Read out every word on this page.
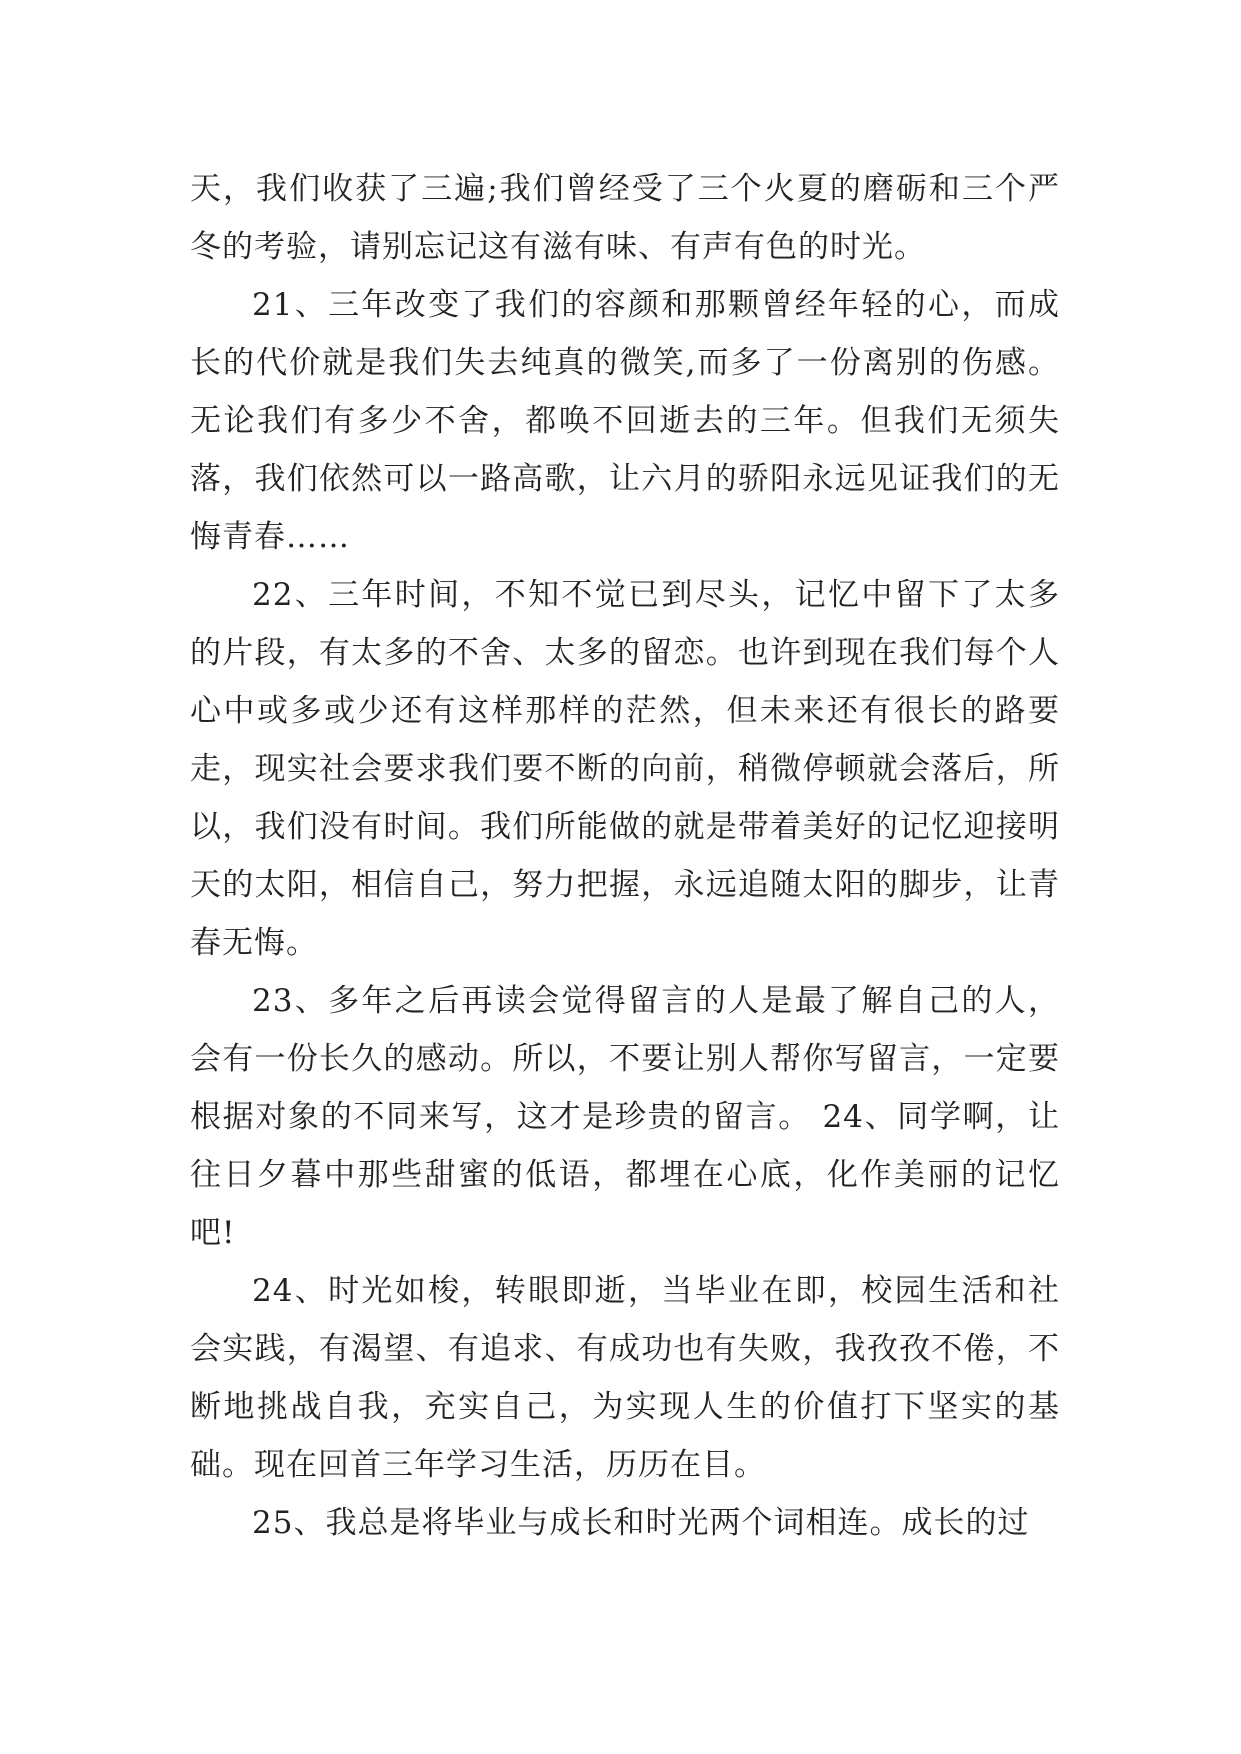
天，我们收获了三遍;我们曾经受了三个火夏的磨砺和三个严冬的考验，请别忘记这有滋有味、有声有色的时光。

21、三年改变了我们的容颜和那颗曾经年轻的心，而成长的代价就是我们失去纯真的微笑,而多了一份离别的伤感。无论我们有多少不舍，都唤不回逝去的三年。但我们无须失落，我们依然可以一路高歌，让六月的骄阳永远见证我们的无悔青春……

22、三年时间，不知不觉已到尽头，记忆中留下了太多的片段，有太多的不舍、太多的留恋。也许到现在我们每个人心中或多或少还有这样那样的茫然，但未来还有很长的路要走，现实社会要求我们要不断的向前，稍微停顿就会落后，所以，我们没有时间。我们所能做的就是带着美好的记忆迎接明天的太阳，相信自己，努力把握，永远追随太阳的脚步，让青春无悔。

23、多年之后再读会觉得留言的人是最了解自己的人，会有一份长久的感动。所以，不要让别人帮你写留言，一定要根据对象的不同来写，这才是珍贵的留言。 24、同学啊，让往日夕暮中那些甜蜜的低语，都埋在心底，化作美丽的记忆吧!

24、时光如梭，转眼即逝，当毕业在即，校园生活和社会实践，有渴望、有追求、有成功也有失败，我孜孜不倦，不断地挑战自我，充实自己，为实现人生的价值打下坚实的基础。现在回首三年学习生活，历历在目。

25、我总是将毕业与成长和时光两个词相连。成长的过
